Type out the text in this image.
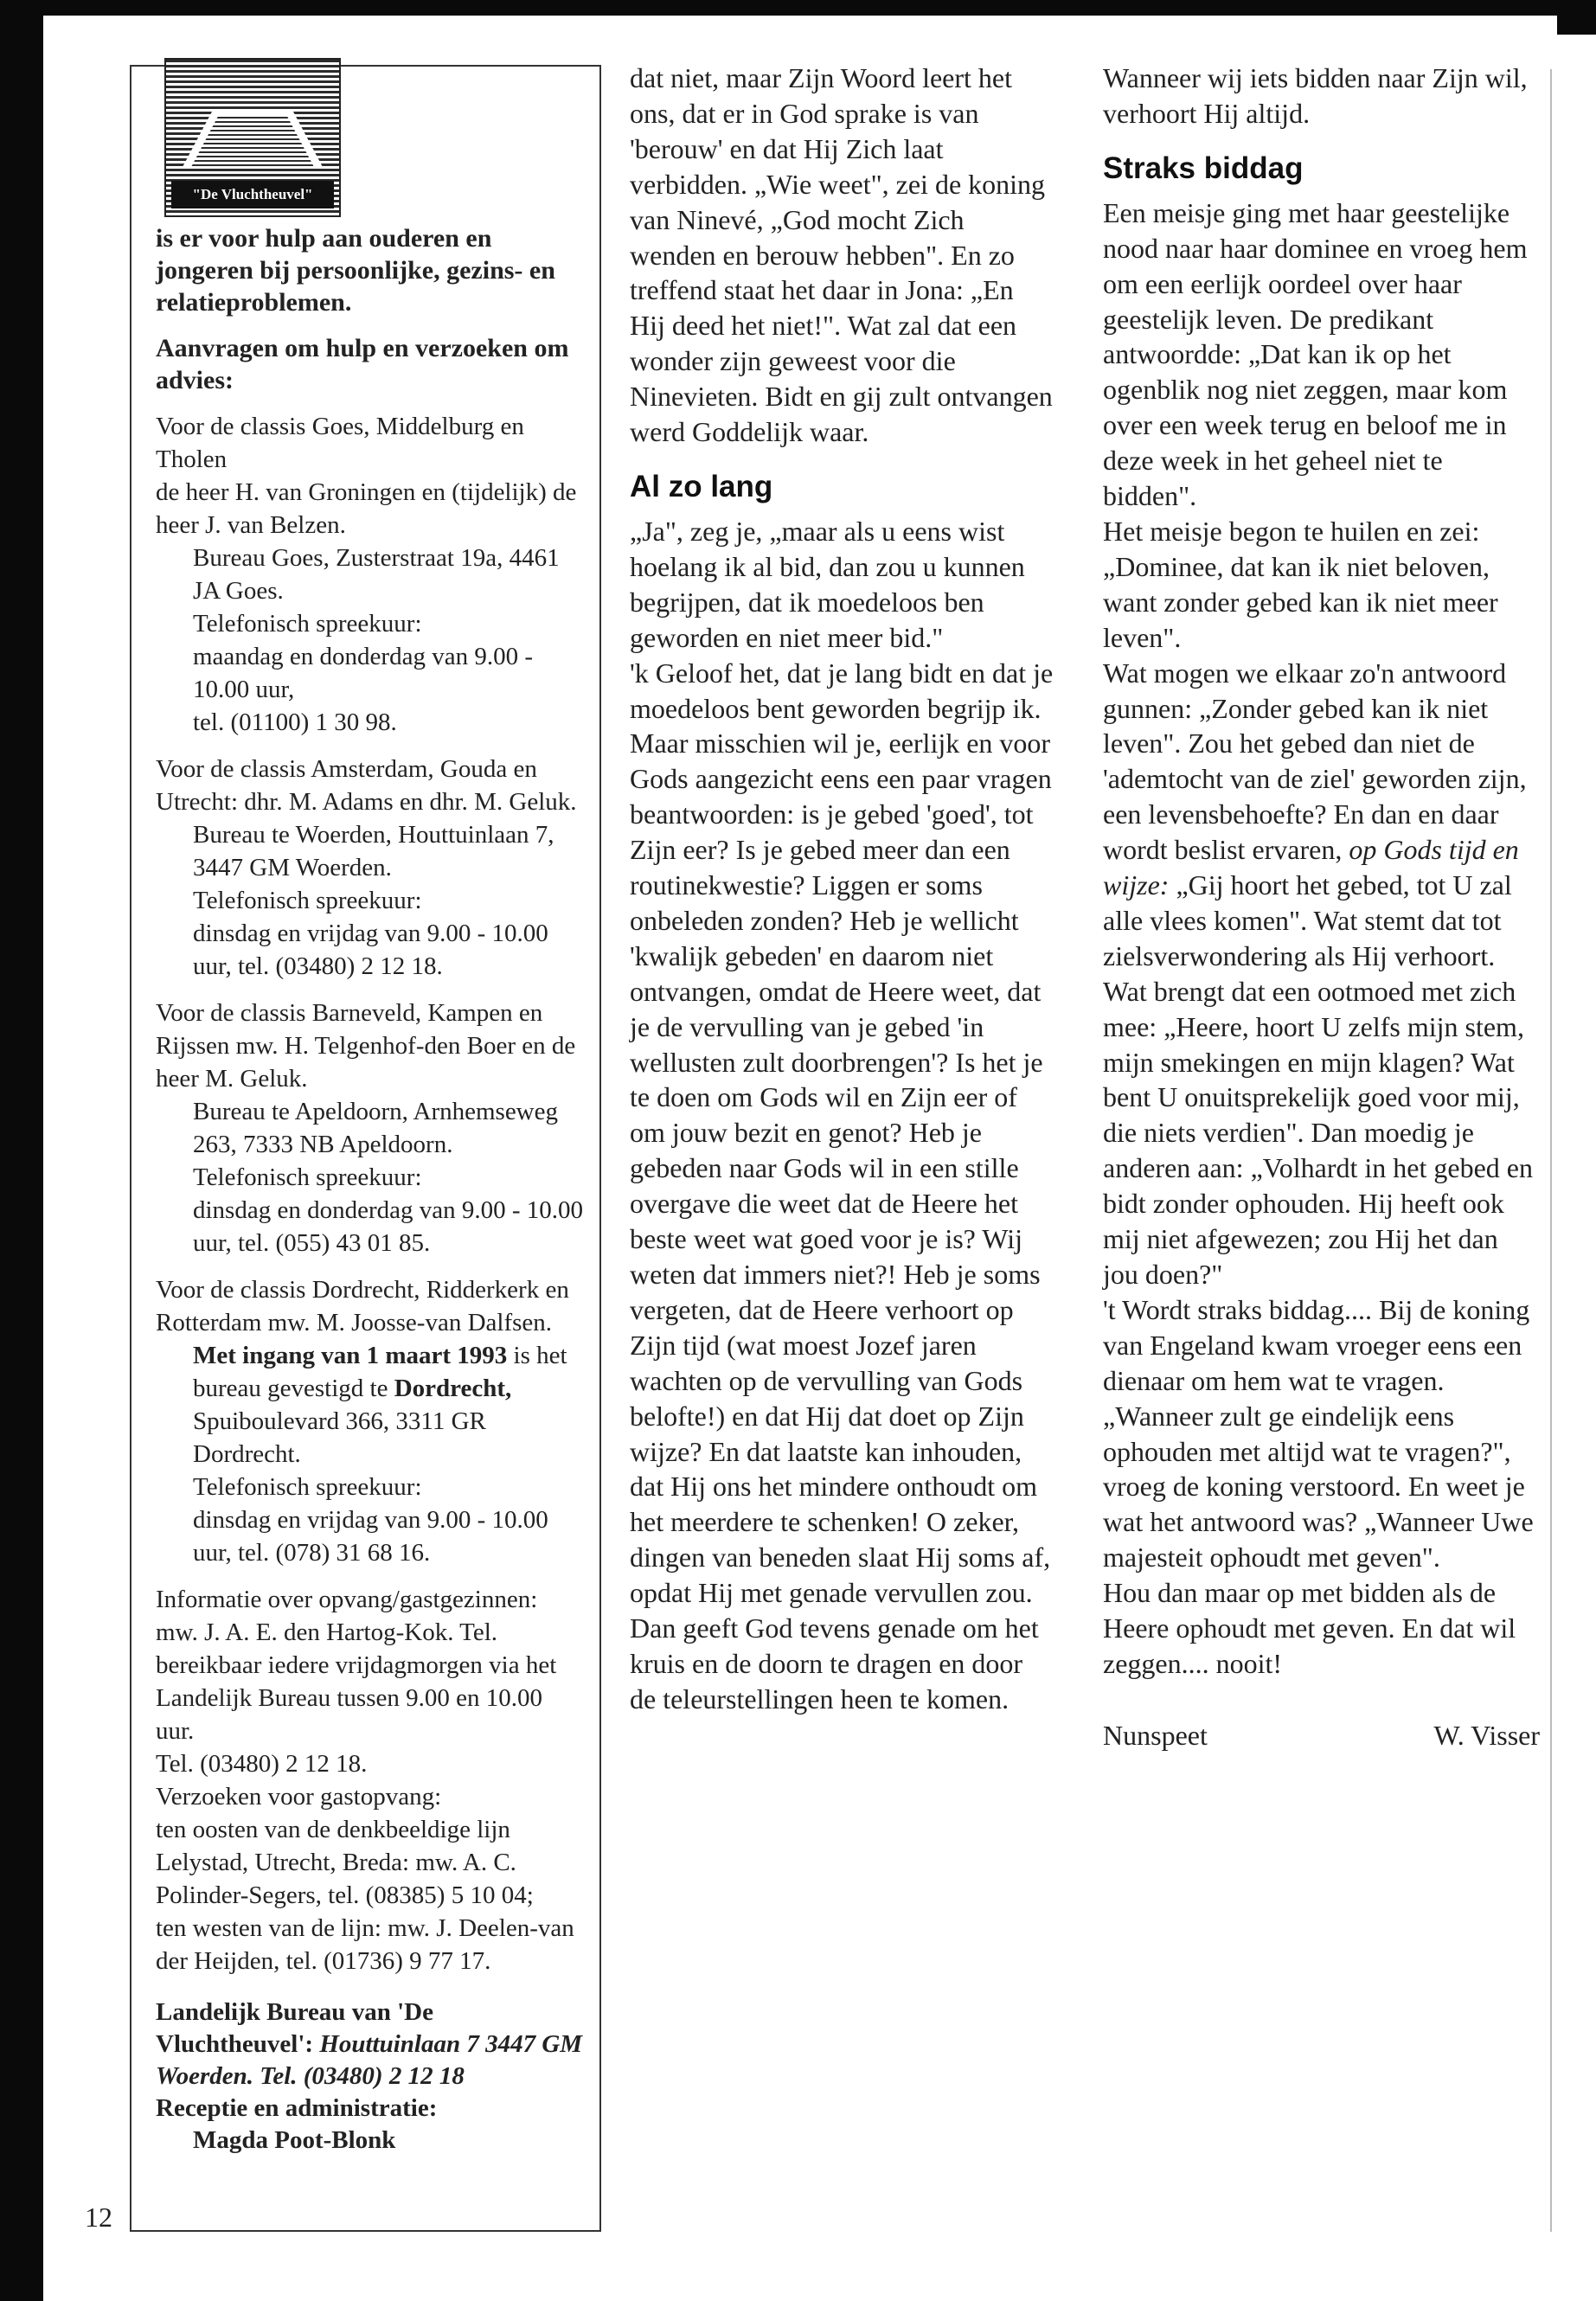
"De Vluchtheuvel"
is er voor hulp aan ouderen en jongeren bij persoonlijke, gezins- en relatieproblemen.
Aanvragen om hulp en verzoeken om advies:
Voor de classis Goes, Middelburg en Tholen
de heer H. van Groningen en (tijdelijk) de heer J. van Belzen.
Bureau Goes, Zusterstraat 19a, 4461 JA Goes.
Telefonisch spreekuur:
maandag en donderdag van 9.00 - 10.00 uur,
tel. (01100) 1 30 98.
Voor de classis Amsterdam, Gouda en Utrecht: dhr. M. Adams en dhr. M. Geluk.
Bureau te Woerden, Houttuinlaan 7, 3447 GM Woerden.
Telefonisch spreekuur:
dinsdag en vrijdag van 9.00 - 10.00 uur, tel. (03480) 2 12 18.
Voor de classis Barneveld, Kampen en Rijssen mw. H. Telgenhof-den Boer en de heer M. Geluk.
Bureau te Apeldoorn, Arnhemseweg 263, 7333 NB Apeldoorn.
Telefonisch spreekuur:
dinsdag en donderdag van 9.00 - 10.00 uur, tel. (055) 43 01 85.
Voor de classis Dordrecht, Ridderkerk en Rotterdam mw. M. Joosse-van Dalfsen.
Met ingang van 1 maart 1993 is het bureau gevestigd te Dordrecht, Spuiboulevard 366, 3311 GR Dordrecht.
Telefonisch spreekuur:
dinsdag en vrijdag van 9.00 - 10.00 uur, tel. (078) 31 68 16.
Informatie over opvang/gastgezinnen: mw. J. A. E. den Hartog-Kok. Tel. bereikbaar iedere vrijdagmorgen via het Landelijk Bureau tussen 9.00 en 10.00 uur.
Tel. (03480) 2 12 18.
Verzoeken voor gastopvang:
ten oosten van de denkbeeldige lijn Lelystad, Utrecht, Breda: mw. A. C. Polinder-Segers, tel. (08385) 5 10 04;
ten westen van de lijn: mw. J. Deelen-van der Heijden, tel. (01736) 9 77 17.
Landelijk Bureau van 'De Vluchtheuvel': Houttuinlaan 7 3447 GM Woerden. Tel. (03480) 2 12 18
Receptie en administratie:
Magda Poot-Blonk
12

dat niet, maar Zijn Woord leert het ons, dat er in God sprake is van 'berouw' en dat Hij Zich laat verbidden. „Wie weet", zei de koning van Ninevé, „God mocht Zich wenden en berouw hebben". En zo treffend staat het daar in Jona: „En Hij deed het niet!". Wat zal dat een wonder zijn geweest voor die Ninevieten. Bidt en gij zult ontvangen werd Goddelijk waar.

Al zo lang

„Ja", zeg je, „maar als u eens wist hoelang ik al bid, dan zou u kunnen begrijpen, dat ik moedeloos ben geworden en niet meer bid."

'k Geloof het, dat je lang bidt en dat je moedeloos bent geworden begrijp ik. Maar misschien wil je, eerlijk en voor Gods aangezicht eens een paar vragen beantwoorden: is je gebed 'goed', tot Zijn eer? Is je gebed meer dan een routinekwestie? Liggen er soms onbeleden zonden? Heb je wellicht 'kwalijk gebeden' en daarom niet ontvangen, omdat de Heere weet, dat je de vervulling van je gebed 'in wellusten zult doorbrengen'? Is het je te doen om Gods wil en Zijn eer of om jouw bezit en genot? Heb je gebeden naar Gods wil in een stille overgave die weet dat de Heere het beste weet wat goed voor je is? Wij weten dat immers niet?! Heb je soms vergeten, dat de Heere verhoort op Zijn tijd (wat moest Jozef jaren wachten op de vervulling van Gods belofte!) en dat Hij dat doet op Zijn wijze? En dat laatste kan inhouden, dat Hij ons het mindere onthoudt om het meerdere te schenken! O zeker, dingen van beneden slaat Hij soms af, opdat Hij met genade vervullen zou. Dan geeft God tevens genade om het kruis en de doorn te dragen en door de teleurstellingen heen te komen.

Wanneer wij iets bidden naar Zijn wil, verhoort Hij altijd.

Straks biddag

Een meisje ging met haar geestelijke nood naar haar dominee en vroeg hem om een eerlijk oordeel over haar geestelijk leven. De predikant antwoordde: „Dat kan ik op het ogenblik nog niet zeggen, maar kom over een week terug en beloof me in deze week in het geheel niet te bidden".

Het meisje begon te huilen en zei: „Dominee, dat kan ik niet beloven, want zonder gebed kan ik niet meer leven".

Wat mogen we elkaar zo'n antwoord gunnen: „Zonder gebed kan ik niet leven". Zou het gebed dan niet de 'ademtocht van de ziel' geworden zijn, een levensbehoefte? En dan en daar wordt beslist ervaren, op Gods tijd en wijze: „Gij hoort het gebed, tot U zal alle vlees komen". Wat stemt dat tot zielsverwondering als Hij verhoort. Wat brengt dat een ootmoed met zich mee: „Heere, hoort U zelfs mijn stem, mijn smekingen en mijn klagen? Wat bent U onuitsprekelijk goed voor mij, die niets verdien". Dan moedig je anderen aan: „Volhardt in het gebed en bidt zonder ophouden. Hij heeft ook mij niet afgewezen; zou Hij het dan jou doen?"

't Wordt straks biddag.... Bij de koning van Engeland kwam vroeger eens een dienaar om hem wat te vragen. „Wanneer zult ge eindelijk eens ophouden met altijd wat te vragen?", vroeg de koning verstoord. En weet je wat het antwoord was? „Wanneer Uwe majesteit ophoudt met geven".

Hou dan maar op met bidden als de Heere ophoudt met geven. En dat wil zeggen.... nooit!

Nunspeet	W. Visser
